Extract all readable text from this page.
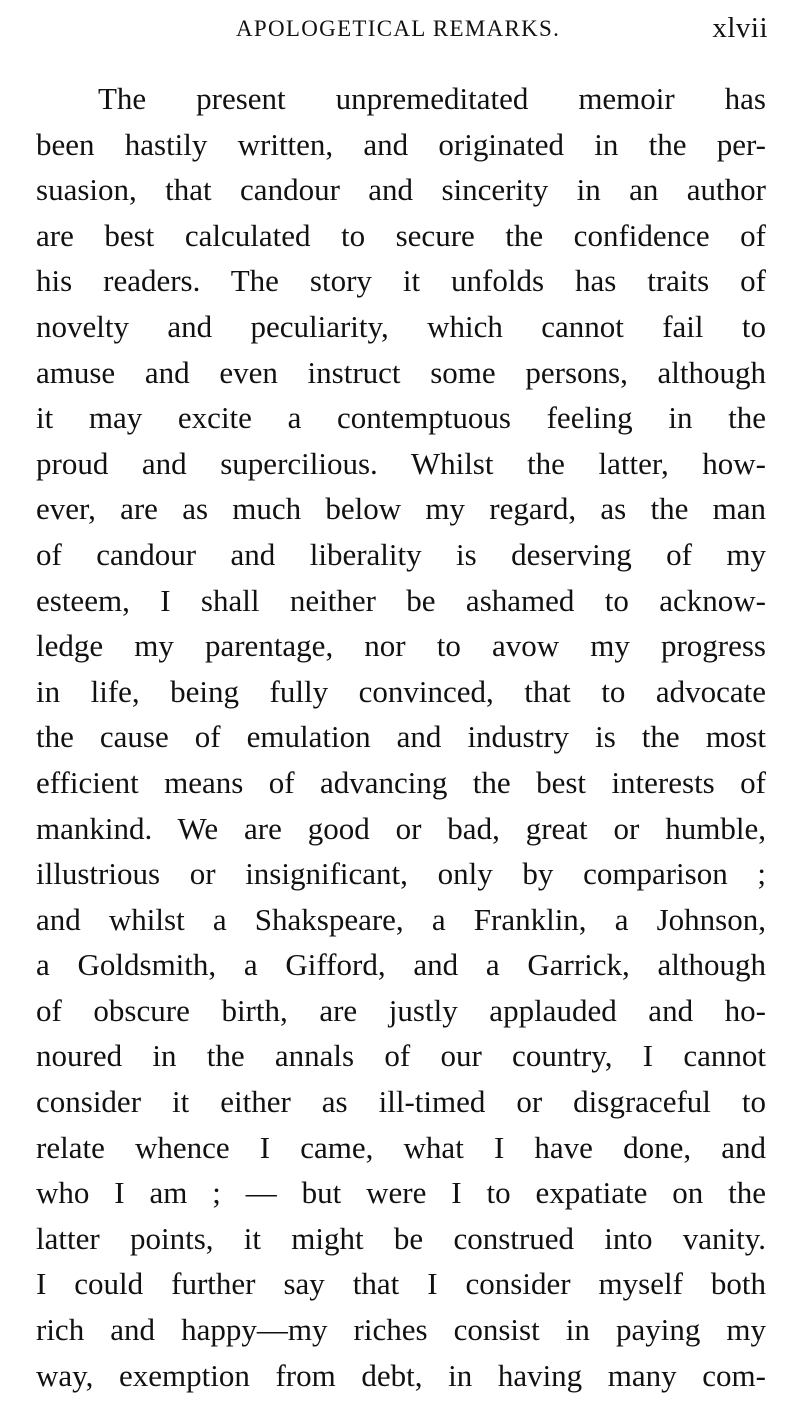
APOLOGETICAL REMARKS.	xlvii
The present unpremeditated memoir has
been hastily written, and originated in the per-
suasion, that candour and sincerity in an author
are best calculated to secure the confidence of
his readers. The story it unfolds has traits of
novelty and peculiarity, which cannot fail to
amuse and even instruct some persons, although
it may excite a contemptuous feeling in the
proud and supercilious. Whilst the latter, how-
ever, are as much below my regard, as the man
of candour and liberality is deserving of my
esteem, I shall neither be ashamed to acknow-
ledge my parentage, nor to avow my progress
in life, being fully convinced, that to advocate
the cause of emulation and industry is the most
efficient means of advancing the best interests of
mankind. We are good or bad, great or humble,
illustrious or insignificant, only by comparison ;
and whilst a Shakspeare, a Franklin, a Johnson,
a Goldsmith, a Gifford, and a Garrick, although
of obscure birth, are justly applauded and ho-
noured in the annals of our country, I cannot
consider it either as ill-timed or disgraceful to
relate whence I came, what I have done, and
who I am ; — but were I to expatiate on the
latter points, it might be construed into vanity.
I could further say that I consider myself both
rich and happy—my riches consist in paying my
way, exemption from debt, in having many com-
